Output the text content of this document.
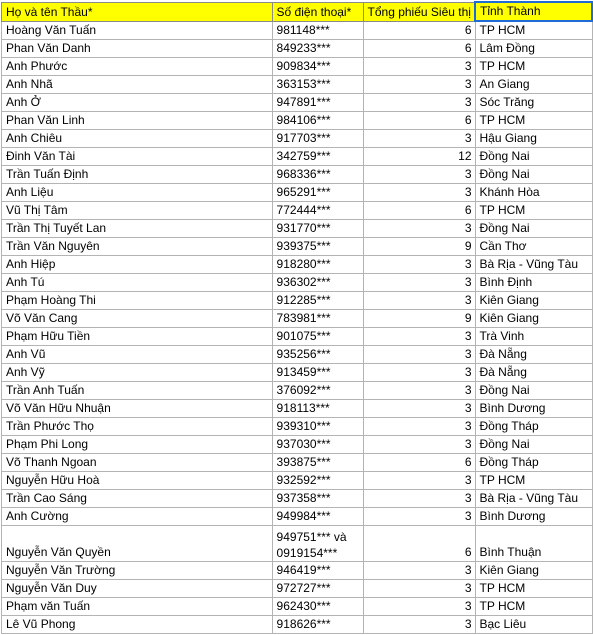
Họ và tên Thầu*	Số điện thoại*	Tổng phiếu Siêu thị	Tỉnh Thành
Hoàng Văn Tuấn	981148***	6	TP HCM
Phan Văn Danh	849233***	6	Lâm Đồng
Anh Phước	909834***	3	TP HCM
Anh Nhã	363153***	3	An Giang
Anh Ở	947891***	3	Sóc Trăng
Phan Văn Linh	984106***	6	TP HCM
Anh Chiêu	917703***	3	Hậu Giang
Đinh Văn Tài	342759***	12	Đồng Nai
Trần Tuấn Định	968336***	3	Đồng Nai
Anh Liệu	965291***	3	Khánh Hòa
Vũ Thị Tâm	772444***	6	TP HCM
Trần Thị Tuyết Lan	931770***	3	Đồng Nai
Trần Văn Nguyên	939375***	9	Cần Thơ
Anh Hiệp	918280***	3	Bà Rịa - Vũng Tàu
Anh Tú	936302***	3	Bình Định
Phạm Hoàng Thi	912285***	3	Kiên Giang
Võ Văn Cang	783981***	9	Kiên Giang
Phạm Hữu Tiền	901075***	3	Trà Vinh
Anh Vũ	935256***	3	Đà Nẵng
Anh Vỹ	913459***	3	Đà Nẵng
Trần Anh Tuấn	376092***	3	Đồng Nai
Võ Văn Hữu Nhuận	918113***	3	Bình Dương
Trần Phước Thọ	939310***	3	Đồng Tháp
Phạm Phi Long	937030***	3	Đồng Nai
Võ Thanh Ngoan	393875***	6	Đồng Tháp
Nguyễn Hữu Hoà	932592***	3	TP HCM
Trần Cao Sáng	937358***	3	Bà Rịa - Vũng Tàu
Anh Cường	949984***	3	Bình Dương
Nguyễn Văn Quyền	949751*** và 0919154***	6	Bình Thuận
Nguyễn Văn Trường	946419***	3	Kiên Giang
Nguyễn Văn Duy	972727***	3	TP HCM
Phạm văn Tuấn	962430***	3	TP HCM
Lê Vũ Phong	918626***	3	Bạc Liêu
